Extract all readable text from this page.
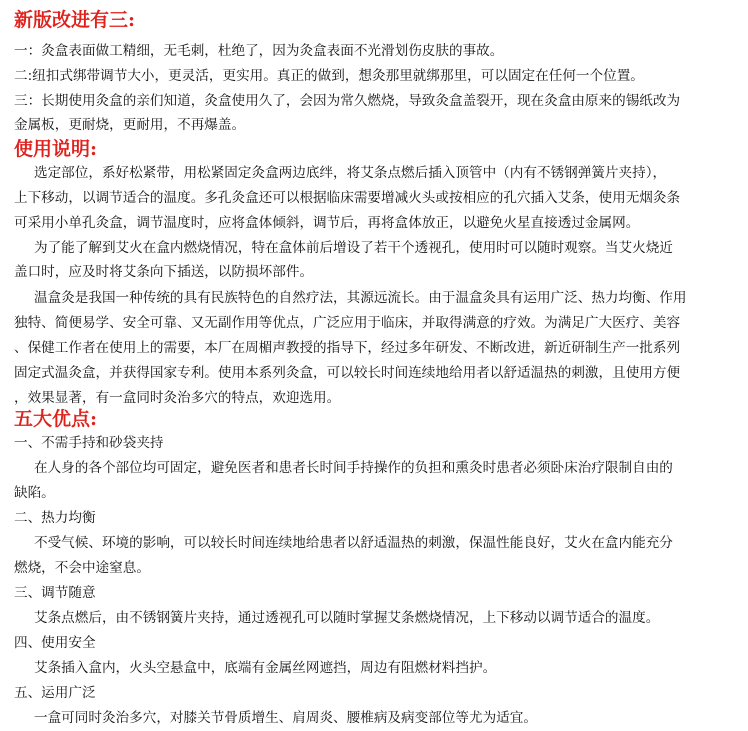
新版改进有三:
一：灸盒表面做工精细，无毛刺，杜绝了，因为灸盒表面不光滑划伤皮肤的事故。
二:纽扣式绑带调节大小，更灵活，更实用。真正的做到，想灸那里就绑那里，可以固定在任何一个位置。
三：长期使用灸盒的亲们知道，灸盒使用久了，会因为常久燃烧，导致灸盒盖裂开，现在灸盒由原来的锡纸改为
金属板，更耐烧，更耐用，不再爆盖。
使用说明:
选定部位，系好松紧带，用松紧固定灸盒两边底绊，将艾条点燃后插入顶管中（内有不锈钢弹簧片夹持），
上下移动，以调节适合的温度。多孔灸盒还可以根据临床需要增减火头或按相应的孔穴插入艾条，使用无烟灸条
可采用小单孔灸盒，调节温度时，应将盒体倾斜，调节后，再将盒体放正，以避免火星直接透过金属网。
为了能了解到艾火在盒内燃烧情况，特在盒体前后增设了若干个透视孔，使用时可以随时观察。当艾火烧近
盖口时，应及时将艾条向下插送，以防损坏部件。
温盒灸是我国一种传统的具有民族特色的自然疗法，其源远流长。由于温盒灸具有运用广泛、热力均衡、作用
独特、简便易学、安全可靠、又无副作用等优点，广泛应用于临床，并取得满意的疗效。为满足广大医疗、美容
、保健工作者在使用上的需要，本厂在周楣声教授的指导下，经过多年研发、不断改进，新近研制生产一批系列
固定式温灸盒，并获得国家专利。使用本系列灸盒，可以较长时间连续地给用者以舒适温热的刺激，且使用方便
，效果显著，有一盒同时灸治多穴的特点，欢迎选用。
五大优点:
一、不需手持和砂袋夹持
在人身的各个部位均可固定，避免医者和患者长时间手持操作的负担和熏灸时患者必须卧床治疗限制自由的
缺陷。
二、热力均衡
不受气候、环境的影响，可以较长时间连续地给患者以舒适温热的刺激，保温性能良好，艾火在盒内能充分
燃烧，不会中途窒息。
三、调节随意
艾条点燃后，由不锈钢簧片夹持，通过透视孔可以随时掌握艾条燃烧情况，上下移动以调节适合的温度。
四、使用安全
艾条插入盒内，火头空悬盒中，底端有金属丝网遮挡，周边有阻燃材料挡护。
五、运用广泛
一盒可同时灸治多穴，对膝关节骨质增生、肩周炎、腰椎病及病变部位等尤为适宜。
